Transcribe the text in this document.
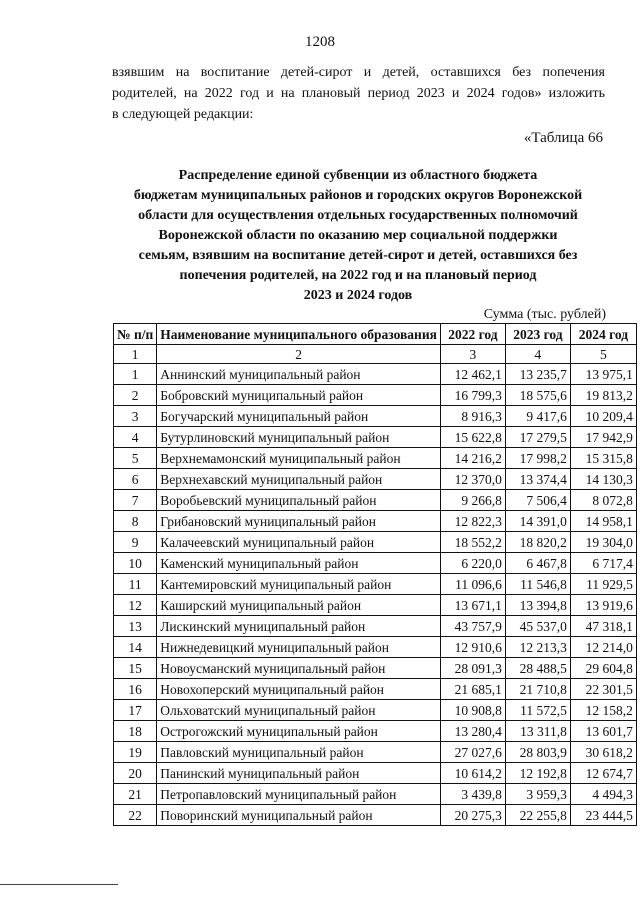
1208
взявшим на воспитание детей-сирот и детей, оставшихся без попечения
родителей, на 2022 год и на плановый период 2023 и 2024 годов» изложить
в следующей редакции:
«Таблица 66
Распределение единой субвенции из областного бюджета
бюджетам муниципальных районов и городских округов Воронежской
области для осуществления отдельных государственных полномочий
Воронежской области по оказанию мер социальной поддержки
семьям, взявшим на воспитание детей-сирот и детей, оставшихся без
попечения родителей, на 2022 год и на плановый период
2023 и 2024 годов
Сумма (тыс. рублей)
№ п/п	Наименование муниципального образования	2022 год	2023 год	2024 год
1	2	3	4	5
1	Аннинский муниципальный район	12 462,1	13 235,7	13 975,1
2	Бобровский муниципальный район	16 799,3	18 575,6	19 813,2
3	Богучарский муниципальный район	8 916,3	9 417,6	10 209,4
4	Бутурлиновский муниципальный район	15 622,8	17 279,5	17 942,9
5	Верхнемамонский муниципальный район	14 216,2	17 998,2	15 315,8
6	Верхнехавский муниципальный район	12 370,0	13 374,4	14 130,3
7	Воробьевский муниципальный район	9 266,8	7 506,4	8 072,8
8	Грибановский муниципальный район	12 822,3	14 391,0	14 958,1
9	Калачеевский муниципальный район	18 552,2	18 820,2	19 304,0
10	Каменский муниципальный район	6 220,0	6 467,8	6 717,4
11	Кантемировский муниципальный район	11 096,6	11 546,8	11 929,5
12	Каширский муниципальный район	13 671,1	13 394,8	13 919,6
13	Лискинский муниципальный район	43 757,9	45 537,0	47 318,1
14	Нижнедевицкий муниципальный район	12 910,6	12 213,3	12 214,0
15	Новоусманский муниципальный район	28 091,3	28 488,5	29 604,8
16	Новохоперский муниципальный район	21 685,1	21 710,8	22 301,5
17	Ольховатский муниципальный район	10 908,8	11 572,5	12 158,2
18	Острогожский муниципальный район	13 280,4	13 311,8	13 601,7
19	Павловский муниципальный район	27 027,6	28 803,9	30 618,2
20	Панинский муниципальный район	10 614,2	12 192,8	12 674,7
21	Петропавловский муниципальный район	3 439,8	3 959,3	4 494,3
22	Поворинский муниципальный район	20 275,3	22 255,8	23 444,5
